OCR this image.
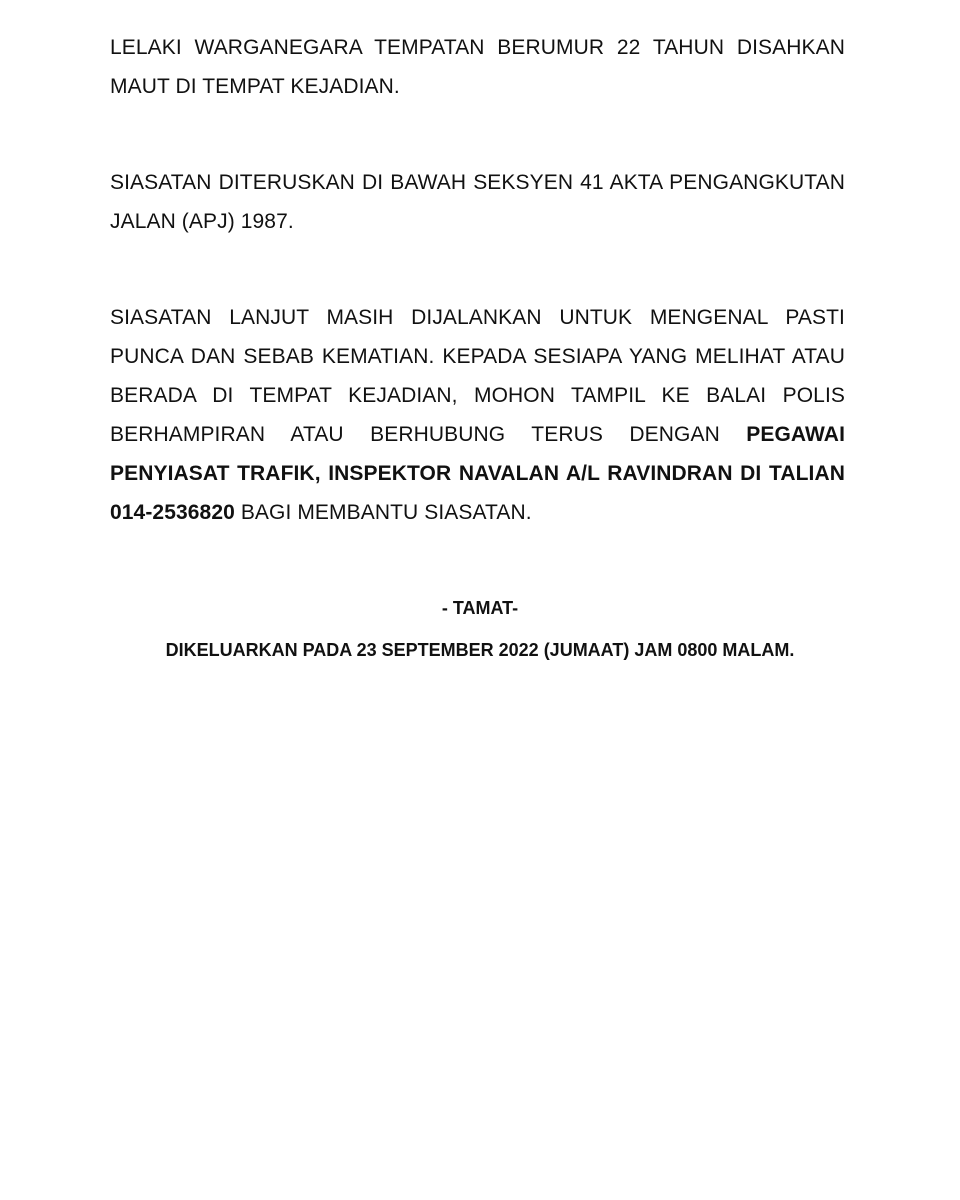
LELAKI WARGANEGARA TEMPATAN BERUMUR 22 TAHUN DISAHKAN MAUT DI TEMPAT KEJADIAN.

SIASATAN DITERUSKAN DI BAWAH SEKSYEN 41 AKTA PENGANGKUTAN JALAN (APJ) 1987.

SIASATAN LANJUT MASIH DIJALANKAN UNTUK MENGENAL PASTI PUNCA DAN SEBAB KEMATIAN. KEPADA SESIAPA YANG MELIHAT ATAU BERADA DI TEMPAT KEJADIAN, MOHON TAMPIL KE BALAI POLIS BERHAMPIRAN ATAU BERHUBUNG TERUS DENGAN PEGAWAI PENYIASAT TRAFIK, INSPEKTOR NAVALAN A/L RAVINDRAN DI TALIAN 014-2536820 BAGI MEMBANTU SIASATAN.

- TAMAT-
DIKELUARKAN PADA 23 SEPTEMBER 2022 (JUMAAT) JAM 0800 MALAM.
